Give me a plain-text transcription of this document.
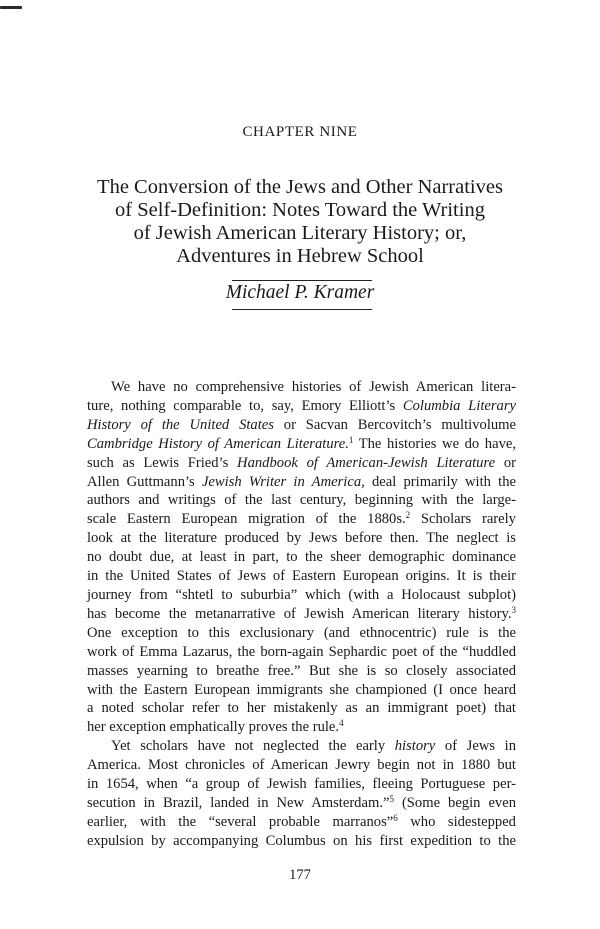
CHAPTER NINE
The Conversion of the Jews and Other Narratives
of Self-Definition: Notes Toward the Writing
of Jewish American Literary History; or,
Adventures in Hebrew School
Michael P. Kramer
We have no comprehensive histories of Jewish American litera-
ture, nothing comparable to, say, Emory Elliott’s Columbia Literary
History of the United States or Sacvan Bercovitch’s multivolume
Cambridge History of American Literature.$^1$ The histories we do have,
such as Lewis Fried’s Handbook of American-Jewish Literature or
Allen Guttmann’s Jewish Writer in America, deal primarily with the
authors and writings of the last century, beginning with the large-
scale Eastern European migration of the 1880s.$^2$ Scholars rarely
look at the literature produced by Jews before then. The neglect is
no doubt due, at least in part, to the sheer demographic dominance
in the United States of Jews of Eastern European origins. It is their
journey from “shtetl to suburbia” which (with a Holocaust subplot)
has become the metanarrative of Jewish American literary history.$^3$
One exception to this exclusionary (and ethnocentric) rule is the
work of Emma Lazarus, the born-again Sephardic poet of the “huddled
masses yearning to breathe free.” But she is so closely associated
with the Eastern European immigrants she championed (I once heard
a noted scholar refer to her mistakenly as an immigrant poet) that
her exception emphatically proves the rule.$^4$
Yet scholars have not neglected the early history of Jews in
America. Most chronicles of American Jewry begin not in 1880 but
in 1654, when “a group of Jewish families, fleeing Portuguese per-
secution in Brazil, landed in New Amsterdam.”$^5$ (Some begin even
earlier, with the “several probable marranos”$^6$ who sidestepped
expulsion by accompanying Columbus on his first expedition to the
177
